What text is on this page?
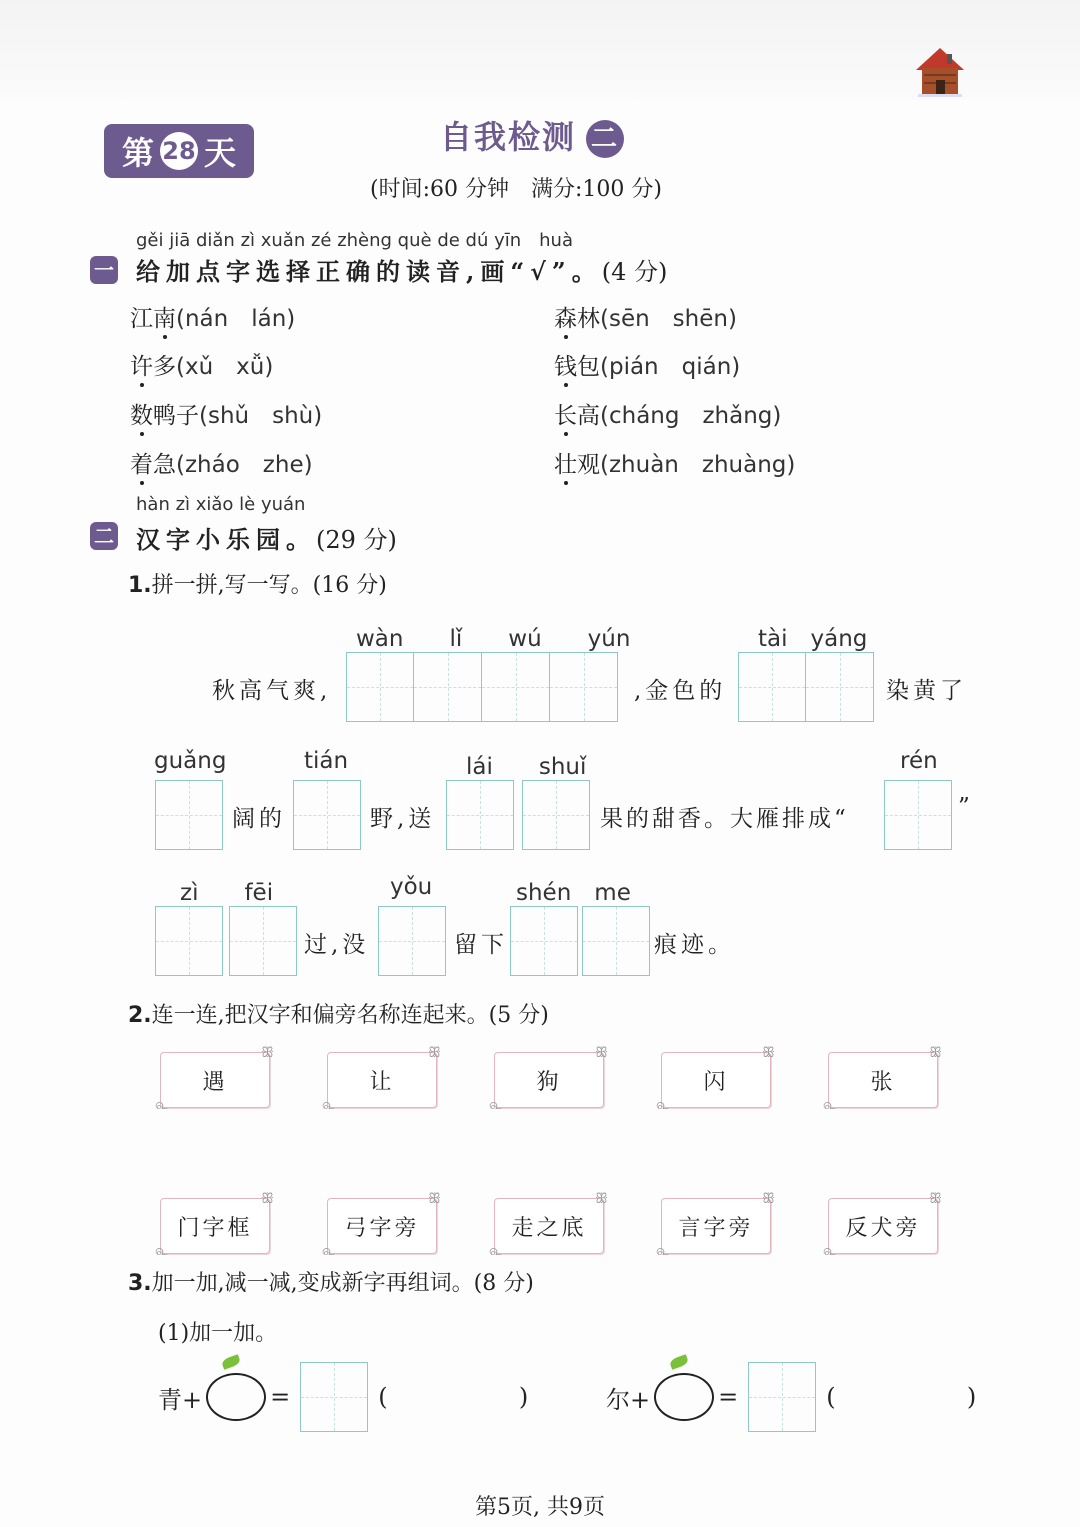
第 28 天	自我检测 二
(时间:60 分钟　满分:100 分)
gěi jiā diǎn zì xuǎn zé zhèng què de dú yīn　huà
一 给加点字选择正确的读音,画“√”。(4 分)
江南(nán　lán)	森林(sēn　shēn)
许多(xǔ　xǚ)	钱包(pián　qián)
数鸭子(shǔ　shù)	长高(cháng　zhǎng)
着急(zháo　zhe)	壮观(zhuàn　zhuàng)
hàn zì xiǎo lè yuán
二 汉字小乐园。(29 分)
1.拼一拼,写一写。(16 分)
wàn　　lǐ　　wú　　yún	tài　yáng
秋高气爽,	,金色的	染黄了
guǎng	tián	lái　　shuǐ	rén
阔的	野,送	果的甜香。大雁排成“	”
zì　　fēi	yǒu	shén　me
过,没	留下	痕迹。
2.连一连,把汉字和偏旁名称连起来。(5 分)
遇
ꕥ
௳
让
ꕥ
௳
狗
ꕥ
௳
闪
ꕥ
௳
张
ꕥ
௳
门字框
ꕥ
௳
弓字旁
ꕥ
௳
走之底
ꕥ
௳
言字旁
ꕥ
௳
反犬旁
ꕥ
௳
3.加一加,减一减,变成新字再组词。(8 分)
(1)加一加。
青+	=	(	)	尔+	=	(	)
第5页, 共9页
